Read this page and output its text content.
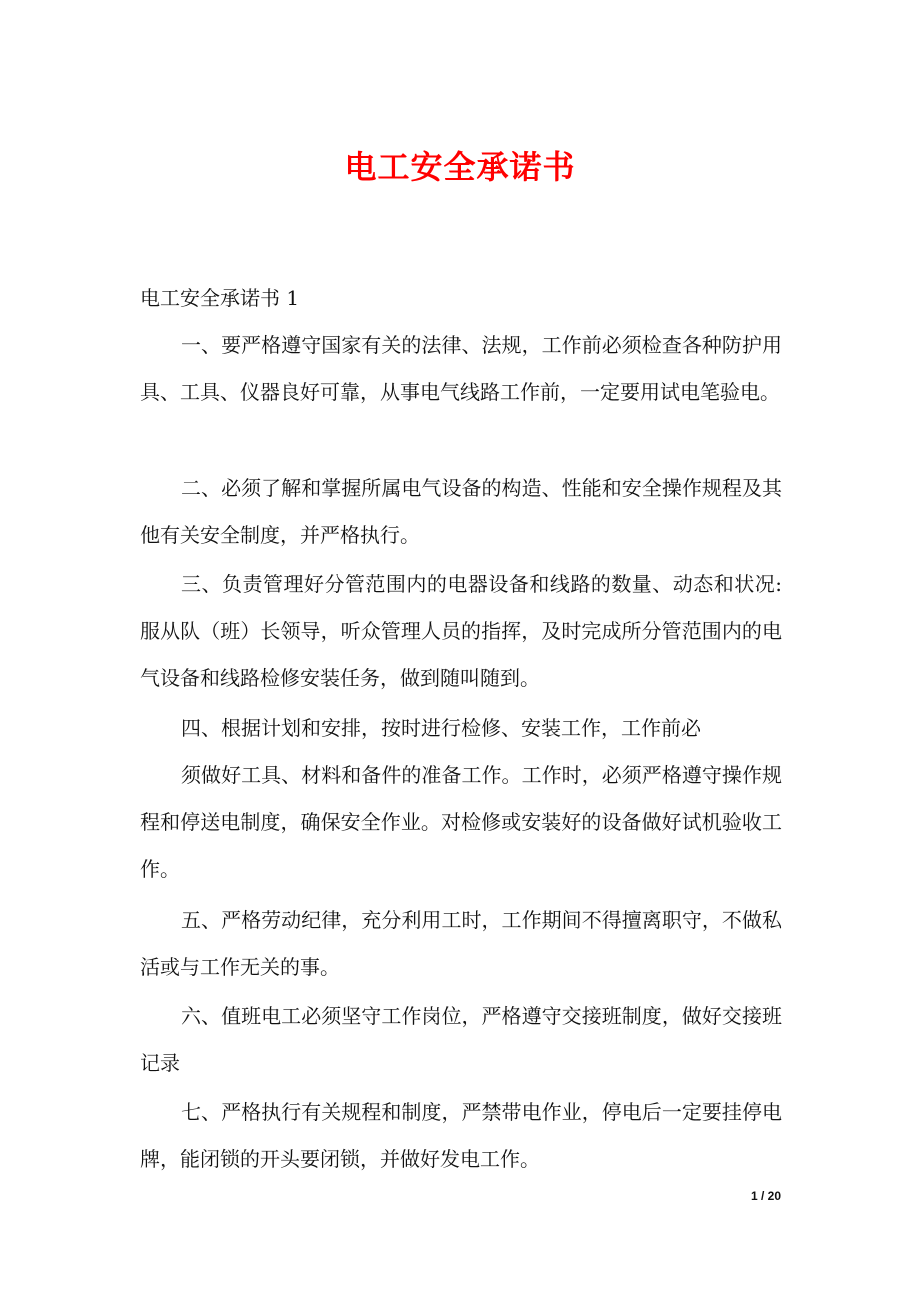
电工安全承诺书

电工安全承诺书 1

一、要严格遵守国家有关的法律、法规，工作前必须检查各种防护用具、工具、仪器良好可靠，从事电气线路工作前，一定要用试电笔验电。

二、必须了解和掌握所属电气设备的构造、性能和安全操作规程及其他有关安全制度，并严格执行。

三、负责管理好分管范围内的电器设备和线路的数量、动态和状况: 服从队（班）长领导，听众管理人员的指挥，及时完成所分管范围内的电气设备和线路检修安装任务，做到随叫随到。

四、根据计划和安排，按时进行检修、安装工作，工作前必

须做好工具、材料和备件的准备工作。工作时，必须严格遵守操作规程和停送电制度，确保安全作业。对检修或安装好的设备做好试机验收工作。

五、严格劳动纪律，充分利用工时，工作期间不得擅离职守，不做私活或与工作无关的事。

六、值班电工必须坚守工作岗位，严格遵守交接班制度，做好交接班记录

七、严格执行有关规程和制度，严禁带电作业，停电后一定要挂停电牌，能闭锁的开头要闭锁，并做好发电工作。

1 / 20
